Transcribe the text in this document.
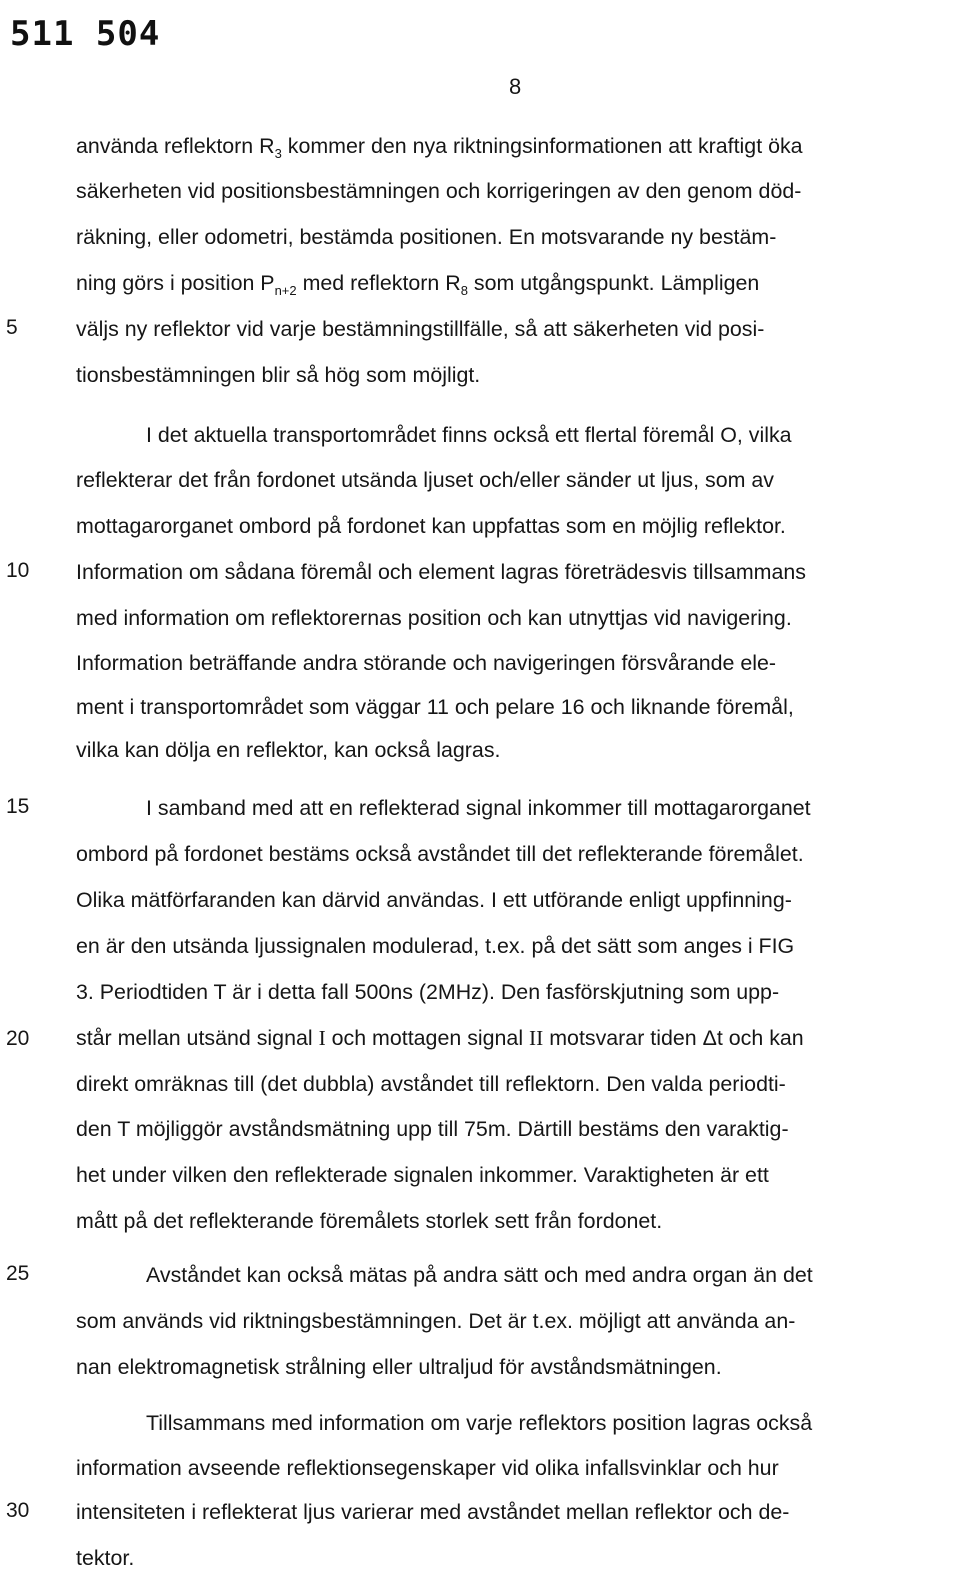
511 504
8
5
10
15
20
25
30
använda reflektorn $R_3$ kommer den nya riktningsinformationen att kraftigt öka
säkerheten vid positionsbestämningen och korrigeringen av den genom död-
räkning, eller odometri, bestämda positionen. En motsvarande ny bestäm-
ning görs i position $P_{n+2}$ med reflektorn $R_8$ som utgångspunkt. Lämpligen
väljs ny reflektor vid varje bestämningstillfälle, så att säkerheten vid posi-
tionsbestämningen blir så hög som möjligt.
I det aktuella transportområdet finns också ett flertal föremål O, vilka
reflekterar det från fordonet utsända ljuset och/eller sänder ut ljus, som av
mottagarorganet ombord på fordonet kan uppfattas som en möjlig reflektor.
Information om sådana föremål och element lagras företrädesvis tillsammans
med information om reflektorernas position och kan utnyttjas vid navigering.
Information beträffande andra störande och navigeringen försvårande ele-
ment i transportområdet som väggar 11 och pelare 16 och liknande föremål,
vilka kan dölja en reflektor, kan också lagras.
I samband med att en reflekterad signal inkommer till mottagarorganet
ombord på fordonet bestäms också avståndet till det reflekterande föremålet.
Olika mätförfaranden kan därvid användas. I ett utförande enligt uppfinning-
en är den utsända ljussignalen modulerad, t.ex. på det sätt som anges i FIG
3. Periodtiden T är i detta fall 500ns (2MHz). Den fasförskjutning som upp-
står mellan utsänd signal I och mottagen signal II motsvarar tiden Δt och kan
direkt omräknas till (det dubbla) avståndet till reflektorn. Den valda periodti-
den T möjliggör avståndsmätning upp till 75m. Därtill bestäms den varaktig-
het under vilken den reflekterade signalen inkommer. Varaktigheten är ett
mått på det reflekterande föremålets storlek sett från fordonet.
Avståndet kan också mätas på andra sätt och med andra organ än det
som används vid riktningsbestämningen. Det är t.ex. möjligt att använda an-
nan elektromagnetisk strålning eller ultraljud för avståndsmätningen.
Tillsammans med information om varje reflektors position lagras också
information avseende reflektionsegenskaper vid olika infallsvinklar och hur
intensiteten i reflekterat ljus varierar med avståndet mellan reflektor och de-
tektor.
